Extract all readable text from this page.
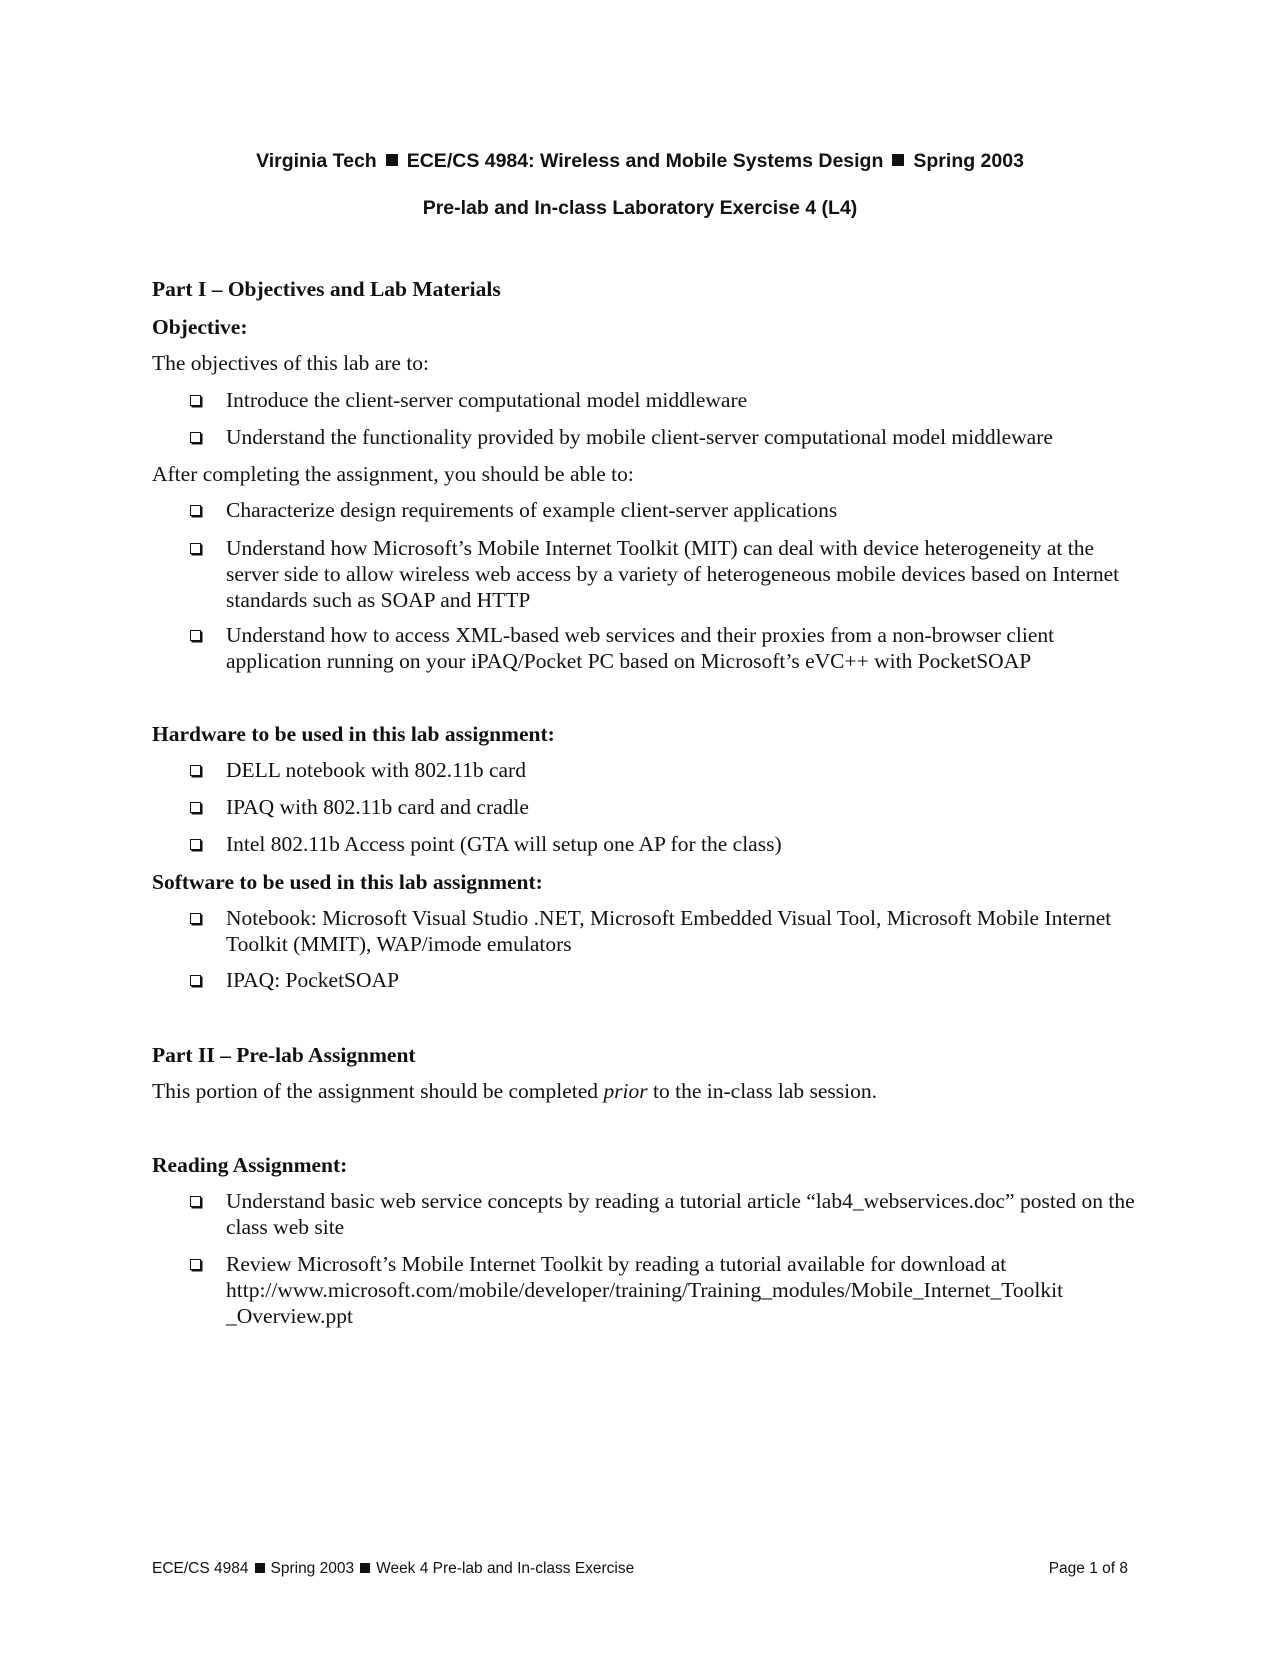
Virginia Tech ECE/CS 4984: Wireless and Mobile Systems Design Spring 2003
Pre-lab and In-class Laboratory Exercise 4 (L4)
Part I – Objectives and Lab Materials
Objective:
The objectives of this lab are to:
Introduce the client-server computational model middleware
Understand the functionality provided by mobile client-server computational model middleware
After completing the assignment, you should be able to:
Characterize design requirements of example client-server applications
Understand how Microsoft’s Mobile Internet Toolkit (MIT) can deal with device heterogeneity at the server side to allow wireless web access by a variety of heterogeneous mobile devices based on Internet standards such as SOAP and HTTP
Understand how to access XML-based web services and their proxies from a non-browser client application running on your iPAQ/Pocket PC based on Microsoft’s eVC++ with PocketSOAP
Hardware to be used in this lab assignment:
DELL notebook with 802.11b card
IPAQ with 802.11b card and cradle
Intel 802.11b Access point (GTA will setup one AP for the class)
Software to be used in this lab assignment:
Notebook: Microsoft Visual Studio .NET, Microsoft Embedded Visual Tool, Microsoft Mobile Internet Toolkit (MMIT), WAP/imode emulators
IPAQ: PocketSOAP
Part II – Pre-lab Assignment
This portion of the assignment should be completed prior to the in-class lab session.
Reading Assignment:
Understand basic web service concepts by reading a tutorial article “lab4_webservices.doc” posted on the class web site
Review Microsoft’s Mobile Internet Toolkit by reading a tutorial available for download at http://www.microsoft.com/mobile/developer/training/Training_modules/Mobile_Internet_Toolkit _Overview.ppt
ECE/CS 4984 Spring 2003 Week 4 Pre-lab and In-class Exercise	Page 1 of 8
